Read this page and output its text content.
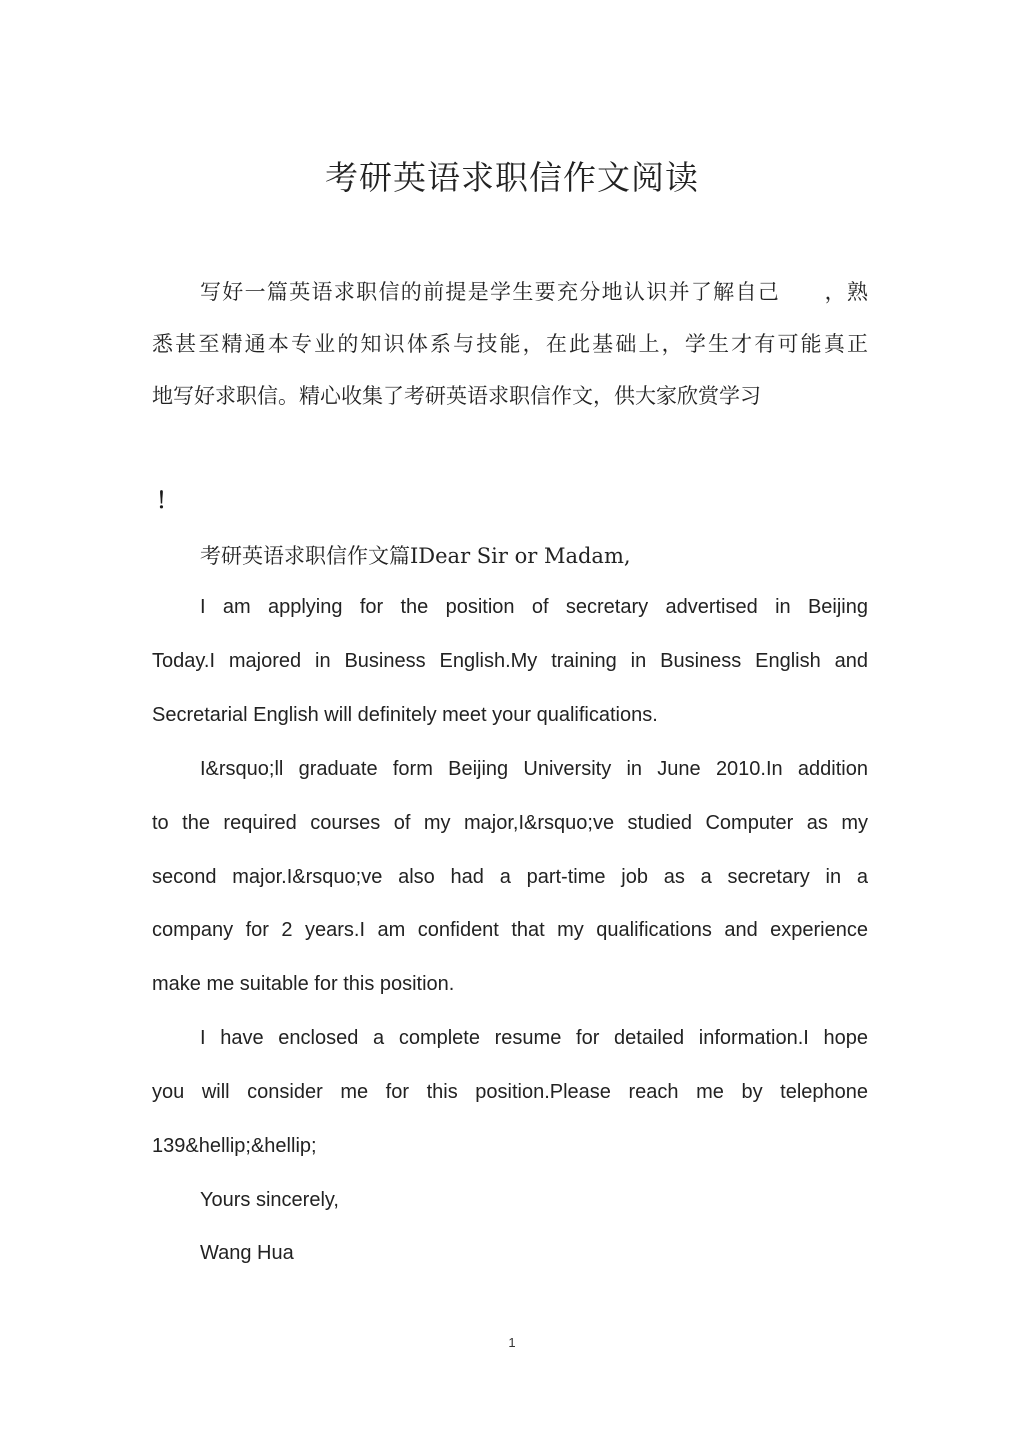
考研英语求职信作文阅读
写好一篇英语求职信的前提是学生要充分地认识并了解自己　　，熟
悉甚至精通本专业的知识体系与技能，在此基础上，学生才有可能真正
地写好求职信。精心收集了考研英语求职信作文，供大家欣赏学习
！
考研英语求职信作文篇IDear Sir or Madam,
I am applying for the position of secretary advertised in Beijing
Today.I majored in Business English.My training in Business English and
Secretarial English will definitely meet your qualifications.
I&rsquo;ll graduate form Beijing University in June 2010.In addition
to the required courses of my major,I&rsquo;ve studied Computer as my
second major.I&rsquo;ve also had a part-time job as a secretary in a
company for 2 years.I am confident that my qualifications and experience
make me suitable for this position.
I have enclosed a complete resume for detailed information.I hope
you will consider me for this position.Please reach me by telephone
139&hellip;&hellip;
Yours sincerely,
Wang Hua
1
